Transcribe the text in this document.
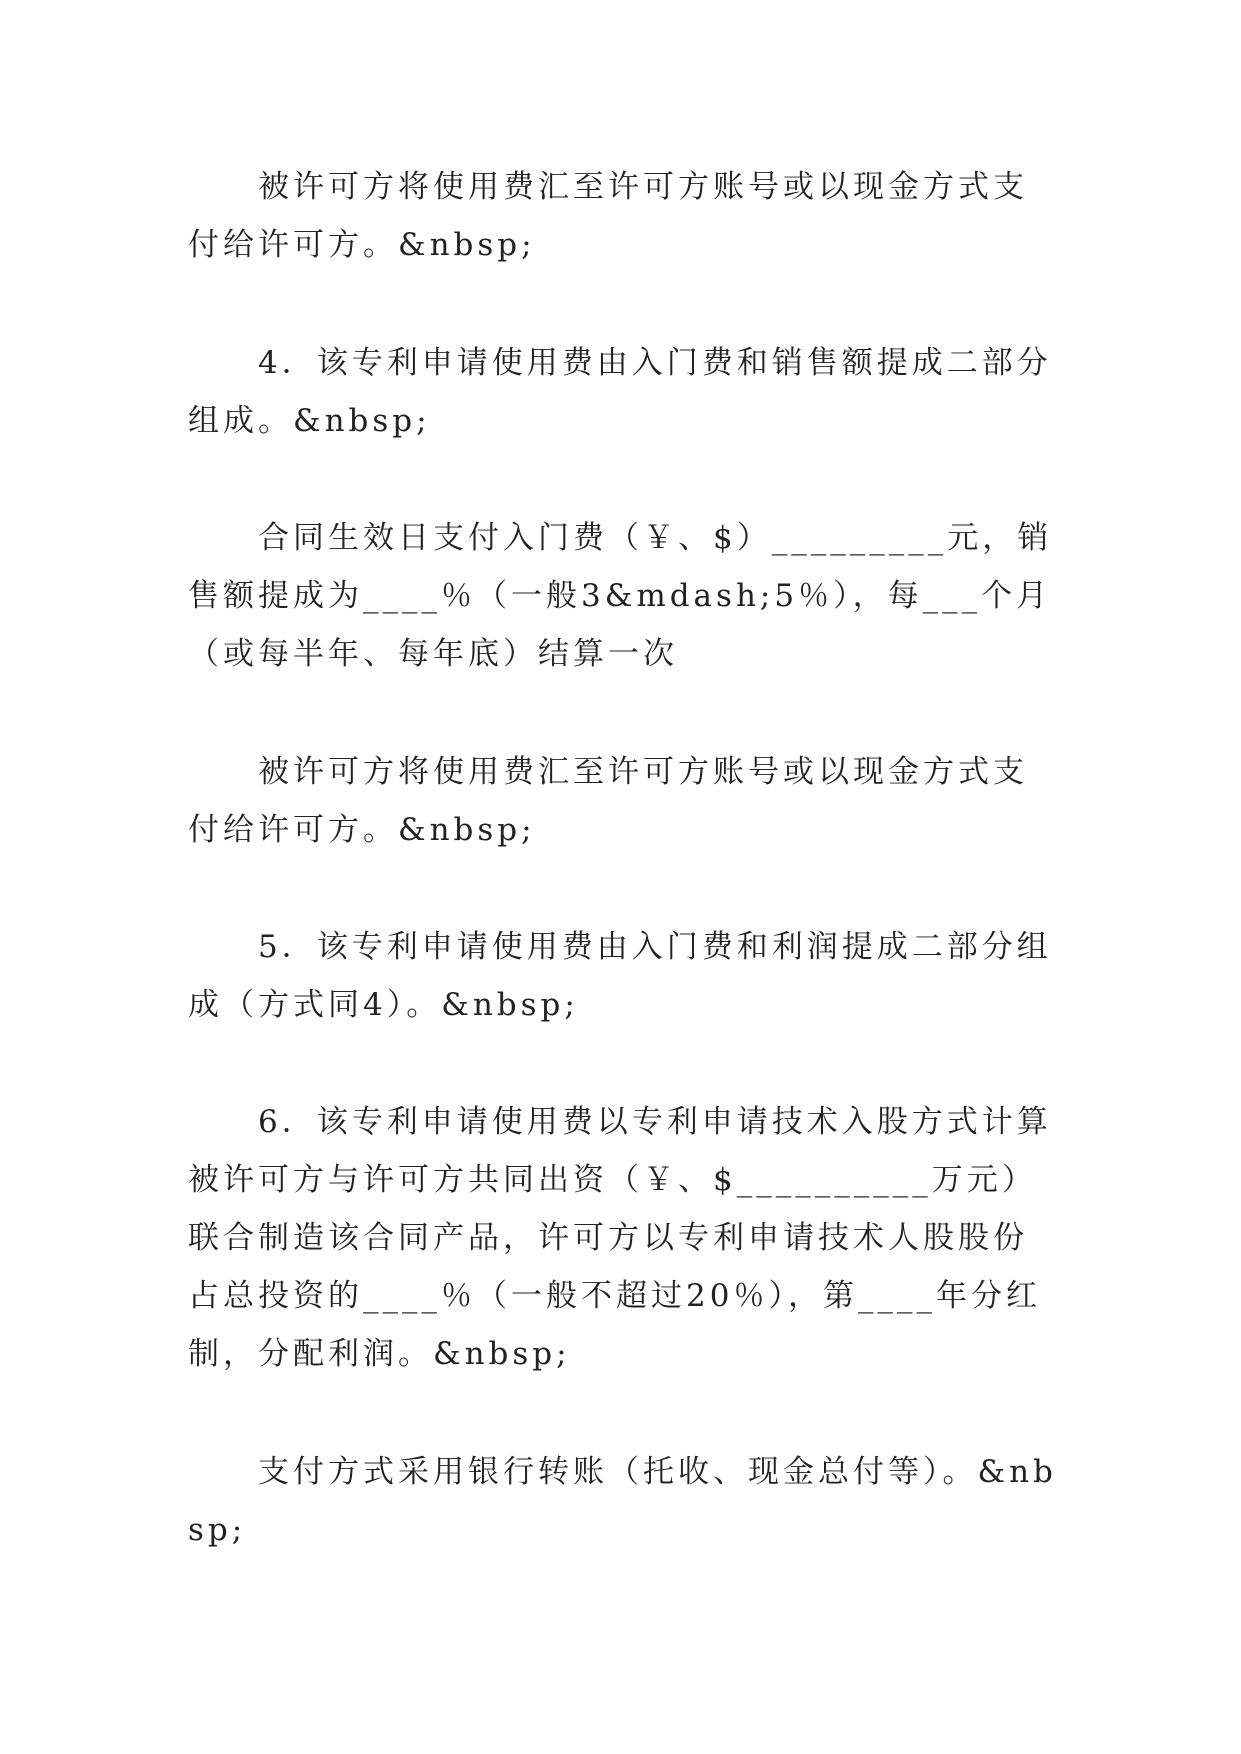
被许可方将使用费汇至许可方账号或以现金方式支付给许可方。&nbsp;

4．该专利申请使用费由入门费和销售额提成二部分组成。&nbsp;

合同生效日支付入门费（￥、$）_________元，销售额提成为____％（一般3&mdash;5％），每___个月（或每半年、每年底）结算一次

被许可方将使用费汇至许可方账号或以现金方式支付给许可方。&nbsp;

5．该专利申请使用费由入门费和利润提成二部分组成（方式同4）。&nbsp;

6．该专利申请使用费以专利申请技术入股方式计算被许可方与许可方共同出资（￥、$__________万元）联合制造该合同产品，许可方以专利申请技术人股股份占总投资的____％（一般不超过20％），第____年分红制，分配利润。&nbsp;

支付方式采用银行转账（托收、现金总付等）。&nbsp;
